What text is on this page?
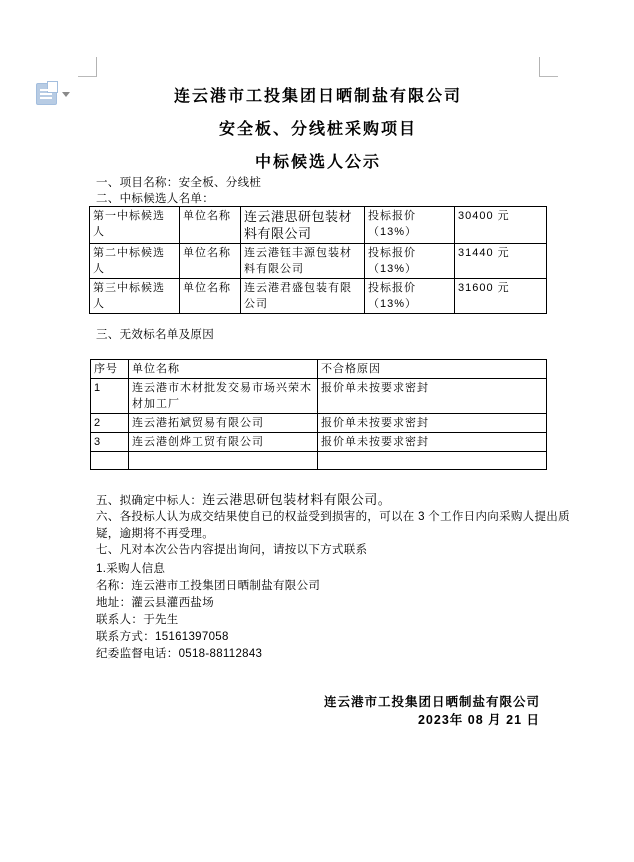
连云港市工投集团日晒制盐有限公司
安全板、分线桩采购项目
中标候选人公示
一、项目名称：安全板、分线桩
二、中标候选人名单：
第一中标候选人	单位名称	连云港思研包装材料有限公司	投标报价（13%）	30400 元
第二中标候选人	单位名称	连云港钰丰源包装材料有限公司	投标报价（13%）	31440 元
第三中标候选人	单位名称	连云港君盛包装有限公司	投标报价（13%）	31600 元
三、无效标名单及原因
序号	单位名称	不合格原因
1	连云港市木材批发交易市场兴荣木材加工厂	报价单未按要求密封
2	连云港拓斌贸易有限公司	报价单未按要求密封
3	连云港创烨工贸有限公司	报价单未按要求密封

五、拟确定中标人：连云港思研包装材料有限公司。
六、各投标人认为成交结果使自已的权益受到损害的，可以在 3 个工作日内向采购人提出质
疑，逾期将不再受理。
七、凡对本次公告内容提出询问，请按以下方式联系
1.采购人信息
名称：连云港市工投集团日晒制盐有限公司
地址：灌云县灌西盐场
联系人：于先生
联系方式：15161397058
纪委监督电话：0518-88112843
连云港市工投集团日晒制盐有限公司
2023年 08 月 21 日
